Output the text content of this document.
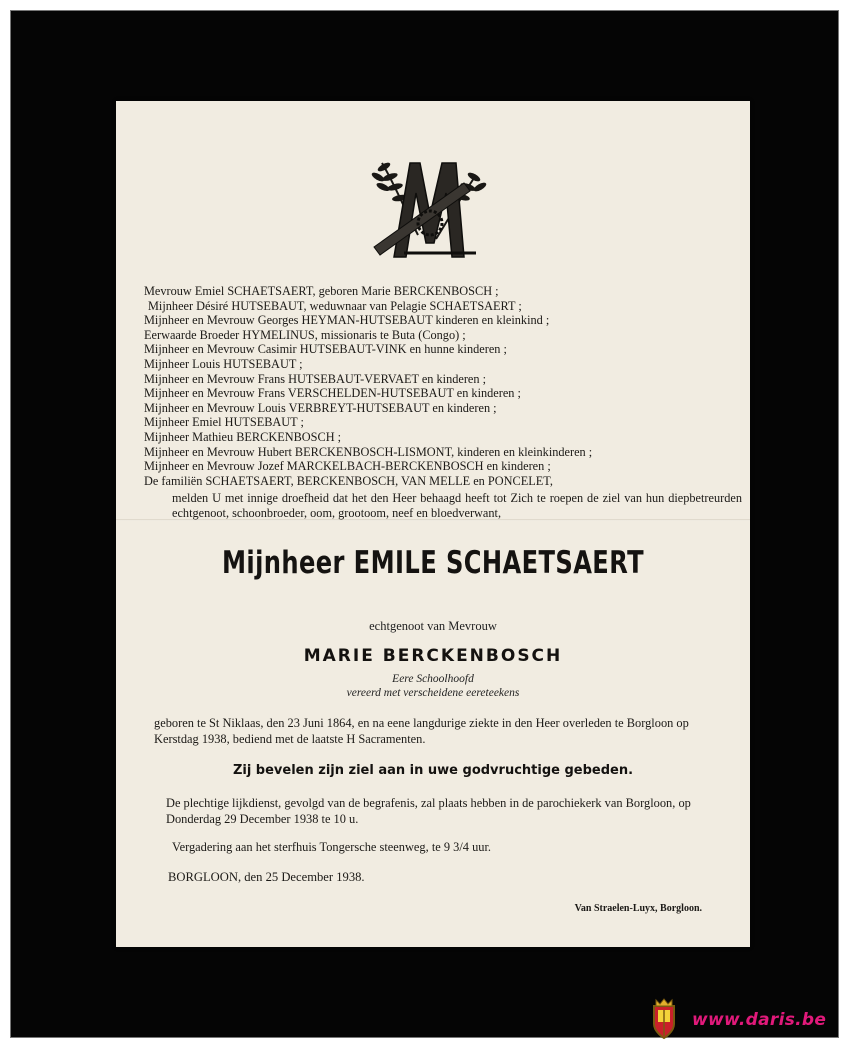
Mevrouw Emiel SCHAETSAERT, geboren Marie BERCKENBOSCH ;
Mijnheer Désiré HUTSEBAUT, weduwnaar van Pelagie SCHAETSAERT ;
Mijnheer en Mevrouw Georges HEYMAN-HUTSEBAUT kinderen en kleinkind ;
Eerwaarde Broeder HYMELINUS, missionaris te Buta (Congo) ;
Mijnheer en Mevrouw Casimir HUTSEBAUT-VINK en hunne kinderen ;
Mijnheer Louis HUTSEBAUT ;
Mijnheer en Mevrouw Frans HUTSEBAUT-VERVAET en kinderen ;
Mijnheer en Mevrouw Frans VERSCHELDEN-HUTSEBAUT en kinderen ;
Mijnheer en Mevrouw Louis VERBREYT-HUTSEBAUT en kinderen ;
Mijnheer Emiel HUTSEBAUT ;
Mijnheer Mathieu BERCKENBOSCH ;
Mijnheer en Mevrouw Hubert BERCKENBOSCH-LISMONT, kinderen en kleinkinderen ;
Mijnheer en Mevrouw Jozef MARCKELBACH-BERCKENBOSCH en kinderen ;
De familiën SCHAETSAERT, BERCKENBOSCH, VAN MELLE en PONCELET,
melden U met innige droefheid dat het den Heer behaagd heeft tot Zich te roepen de ziel van hun diepbetreurden echtgenoot, schoonbroeder, oom, grootoom, neef en bloedverwant,
Mijnheer EMILE SCHAETSAERT
echtgenoot van Mevrouw
MARIE BERCKENBOSCH
Eere Schoolhoofd
vereerd met verscheidene eereteekens
geboren te St Niklaas, den 23 Juni 1864, en na eene langdurige ziekte in den Heer overleden te Borgloon op Kerstdag 1938, bediend met de laatste H Sacramenten.
Zij bevelen zijn ziel aan in uwe godvruchtige gebeden.
De plechtige lijkdienst, gevolgd van de begrafenis, zal plaats hebben in de parochiekerk van Borgloon, op Donderdag 29 December 1938 te 10 u.
Vergadering aan het sterfhuis Tongersche steenweg, te 9 3/4 uur.
BORGLOON, den 25 December 1938.
Van Straelen-Luyx, Borgloon.
www.daris.be
